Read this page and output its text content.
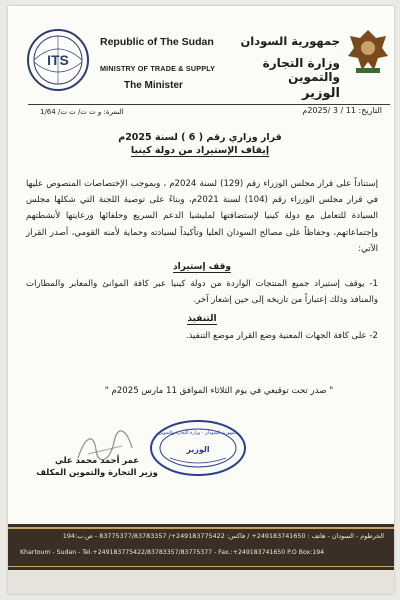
ITS
Republic of The Sudan
MINISTRY OF TRADE & SUPPLY
The Minister
جمهورية السودان
وزارة التجارة والتموين
الوزير
النمرة: و ت ت/ ت ت/ 1/64	التاريخ: 11 / 3 /2025م
قرار وزاري رقم ( 6 ) لسنة 2025م
إيقاف الإستيراد من دولة كينيا
إستناداً على قرار مجلس الوزراء رقم (129) لسنة 2024م ، وبموجب الإختصاصات المنصوص عليها في قرار مجلس الوزراء رقم (104) لسنة 2021م، وبناءً على توصية اللجنة التي شكلها مجلس السيادة للتعامل مع دولة كينيا لإستضافتها لمليشيا الدعم السريع وحلفائها ورعايتها لأنشطتهم وإجتماعاتهم، وحفاظاً على مصالح السودان العليا وتأكيداً لسيادته وحماية لأمنه القومي، أصدر القرار الآتي:
وقف إستيراد
1- يوقف إستيراد جميع المنتجات الواردة من دولة كينيا عبر كافة الموانئ والمعابر والمطارات والمنافذ وذلك إعتباراً من تاريخه إلى حين إشعار آخر.
التنفيذ
2- على كافة الجهات المعنية وضع القرار موضع التنفيذ.
" صدر تحت توقيعي في يوم الثلاثاء الموافق 11 مارس 2025م "
جمهورية السودان - وزارة التجارة والتموين
الوزير
عمر أحمد محمد علي
وزير التجارة والتموين المكلف
الخرطوم - السودان - هاتف : 249183741650+ / فاكس: 249183775422+/ 83775377/83783357 - ص.ب:194
Khartoum - Sudan - Tel.+249183775422/83783357/83775377 - Fax.:+249183741650 P.O Box:194
